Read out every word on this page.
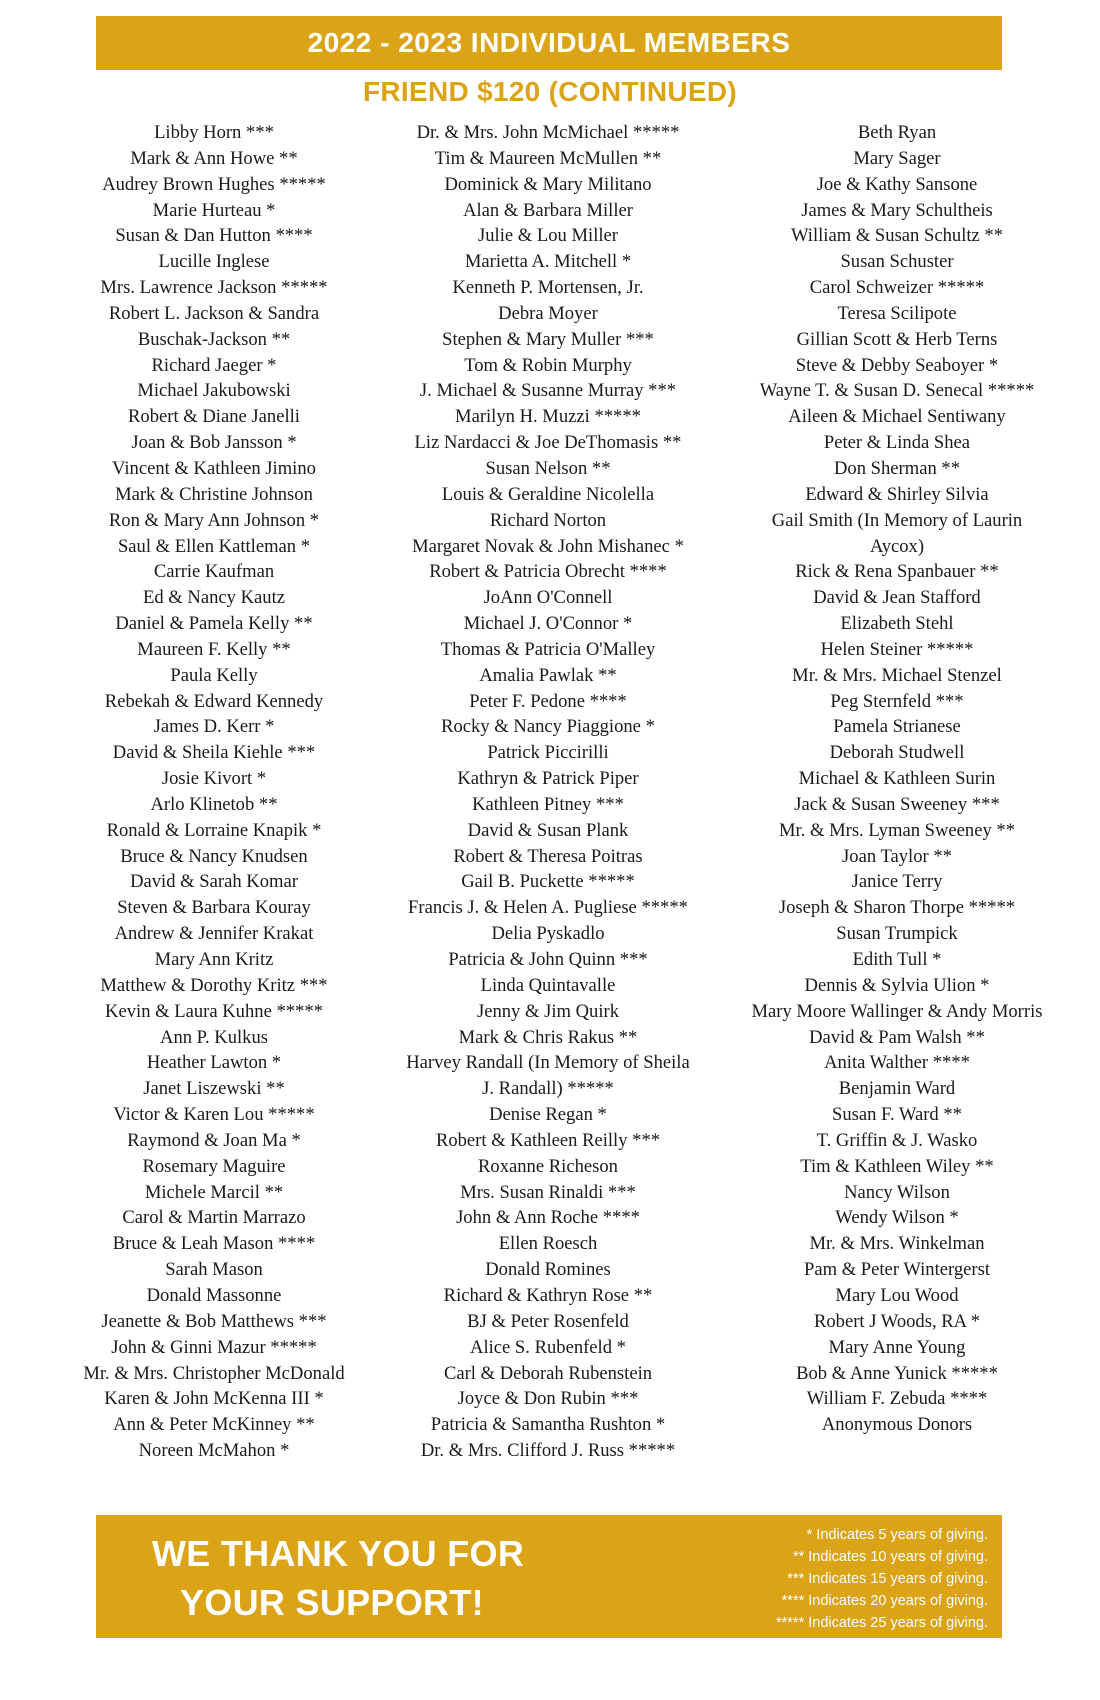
2022 - 2023 INDIVIDUAL MEMBERS
FRIEND $120 (CONTINUED)
Libby Horn ***
Mark & Ann Howe **
Audrey Brown Hughes *****
Marie Hurteau *
Susan & Dan Hutton ****
Lucille Inglese
Mrs. Lawrence Jackson *****
Robert L. Jackson & Sandra
Buschak-Jackson **
Richard Jaeger *
Michael Jakubowski
Robert & Diane Janelli
Joan & Bob Jansson *
Vincent & Kathleen Jimino
Mark & Christine Johnson
Ron & Mary Ann Johnson *
Saul & Ellen Kattleman *
Carrie Kaufman
Ed & Nancy Kautz
Daniel & Pamela Kelly **
Maureen F. Kelly **
Paula Kelly
Rebekah & Edward Kennedy
James D. Kerr *
David & Sheila Kiehle ***
Josie Kivort *
Arlo Klinetob **
Ronald & Lorraine Knapik *
Bruce & Nancy Knudsen
David & Sarah Komar
Steven & Barbara Kouray
Andrew & Jennifer Krakat
Mary Ann Kritz
Matthew & Dorothy Kritz ***
Kevin & Laura Kuhne *****
Ann P. Kulkus
Heather Lawton *
Janet Liszewski **
Victor & Karen Lou *****
Raymond & Joan Ma *
Rosemary Maguire
Michele Marcil **
Carol & Martin Marrazo
Bruce & Leah Mason ****
Sarah Mason
Donald Massonne
Jeanette & Bob Matthews ***
John & Ginni Mazur *****
Mr. & Mrs. Christopher McDonald
Karen & John McKenna III *
Ann & Peter McKinney **
Noreen McMahon *
Dr. & Mrs. John McMichael *****
Tim & Maureen McMullen **
Dominick & Mary Militano
Alan & Barbara Miller
Julie & Lou Miller
Marietta A. Mitchell *
Kenneth P. Mortensen, Jr.
Debra Moyer
Stephen & Mary Muller ***
Tom & Robin Murphy
J. Michael & Susanne Murray ***
Marilyn H. Muzzi *****
Liz Nardacci & Joe DeThomasis **
Susan Nelson **
Louis & Geraldine Nicolella
Richard Norton
Margaret Novak & John Mishanec *
Robert & Patricia Obrecht ****
JoAnn O'Connell
Michael J. O'Connor *
Thomas & Patricia O'Malley
Amalia Pawlak **
Peter F. Pedone ****
Rocky & Nancy Piaggione *
Patrick Piccirilli
Kathryn & Patrick Piper
Kathleen Pitney ***
David & Susan Plank
Robert & Theresa Poitras
Gail B. Puckette *****
Francis J. & Helen A. Pugliese *****
Delia Pyskadlo
Patricia & John Quinn ***
Linda Quintavalle
Jenny & Jim Quirk
Mark & Chris Rakus **
Harvey Randall (In Memory of Sheila
J. Randall) *****
Denise Regan *
Robert & Kathleen Reilly ***
Roxanne Richeson
Mrs. Susan Rinaldi ***
John & Ann Roche ****
Ellen Roesch
Donald Romines
Richard & Kathryn Rose **
BJ & Peter Rosenfeld
Alice S. Rubenfeld *
Carl & Deborah Rubenstein
Joyce & Don Rubin ***
Patricia & Samantha Rushton *
Dr. & Mrs. Clifford J. Russ *****
Beth Ryan
Mary Sager
Joe & Kathy Sansone
James & Mary Schultheis
William & Susan Schultz **
Susan Schuster
Carol Schweizer *****
Teresa Scilipote
Gillian Scott & Herb Terns
Steve & Debby Seaboyer *
Wayne T. & Susan D. Senecal *****
Aileen & Michael Sentiwany
Peter & Linda Shea
Don Sherman **
Edward & Shirley Silvia
Gail Smith (In Memory of Laurin
Aycox)
Rick & Rena Spanbauer **
David & Jean Stafford
Elizabeth Stehl
Helen Steiner *****
Mr. & Mrs. Michael Stenzel
Peg Sternfeld ***
Pamela Strianese
Deborah Studwell
Michael & Kathleen Surin
Jack & Susan Sweeney ***
Mr. & Mrs. Lyman Sweeney **
Joan Taylor **
Janice Terry
Joseph & Sharon Thorpe *****
Susan Trumpick
Edith Tull *
Dennis & Sylvia Ulion *
Mary Moore Wallinger & Andy Morris
David & Pam Walsh **
Anita Walther ****
Benjamin Ward
Susan F. Ward **
T. Griffin & J. Wasko
Tim & Kathleen Wiley **
Nancy Wilson
Wendy Wilson *
Mr. & Mrs. Winkelman
Pam & Peter Wintergerst
Mary Lou Wood
Robert J Woods, RA *
Mary Anne Young
Bob & Anne Yunick *****
William F. Zebuda ****
Anonymous Donors
WE THANK YOU FOR
YOUR SUPPORT!
* Indicates 5 years of giving.
** Indicates 10 years of giving.
*** Indicates 15 years of giving.
**** Indicates 20 years of giving.
***** Indicates 25 years of giving.
